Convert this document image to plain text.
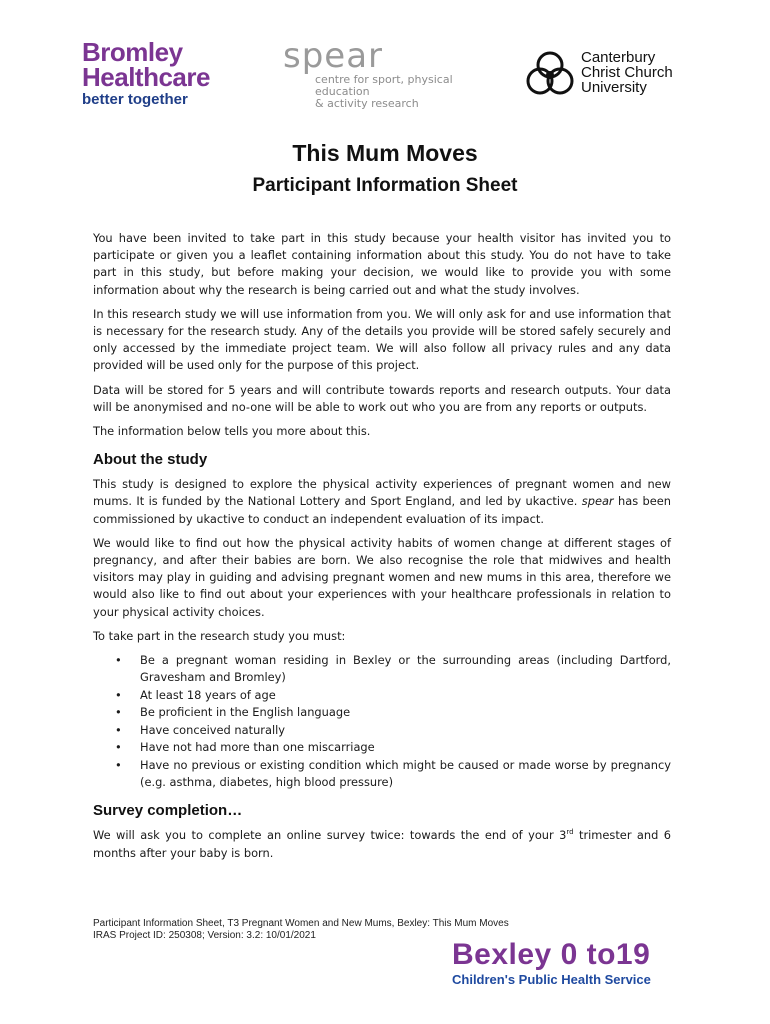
Bromley
Healthcare
better together
spear
centre for sport, physical education
& activity research
Canterbury
Christ Church
University
This Mum Moves
Participant Information Sheet

You have been invited to take part in this study because your health visitor has invited you to participate or given you a leaflet containing information about this study. You do not have to take part in this study, but before making your decision, we would like to provide you with some information about why the research is being carried out and what the study involves.

In this research study we will use information from you. We will only ask for and use information that is necessary for the research study. Any of the details you provide will be stored safely securely and only accessed by the immediate project team. We will also follow all privacy rules and any data provided will be used only for the purpose of this project.

Data will be stored for 5 years and will contribute towards reports and research outputs. Your data will be anonymised and no-one will be able to work out who you are from any reports or outputs.

The information below tells you more about this.

About the study

This study is designed to explore the physical activity experiences of pregnant women and new mums. It is funded by the National Lottery and Sport England, and led by ukactive. spear has been commissioned by ukactive to conduct an independent evaluation of its impact.

We would like to find out how the physical activity habits of women change at different stages of pregnancy, and after their babies are born. We also recognise the role that midwives and health visitors may play in guiding and advising pregnant women and new mums in this area, therefore we would also like to find out about your experiences with your healthcare professionals in relation to your physical activity choices.

To take part in the research study you must:

• Be a pregnant woman residing in Bexley or the surrounding areas (including Dartford, Gravesham and Bromley)
• At least 18 years of age
• Be proficient in the English language
• Have conceived naturally
• Have not had more than one miscarriage
• Have no previous or existing condition which might be caused or made worse by pregnancy (e.g. asthma, diabetes, high blood pressure)
Survey completion…

We will ask you to complete an online survey twice: towards the end of your 3rd trimester and 6 months after your baby is born.

Participant Information Sheet, T3 Pregnant Women and New Mums, Bexley: This Mum Moves
IRAS Project ID: 250308; Version: 3.2: 10/01/2021
Bexley 0 to19
Children's Public Health Service
